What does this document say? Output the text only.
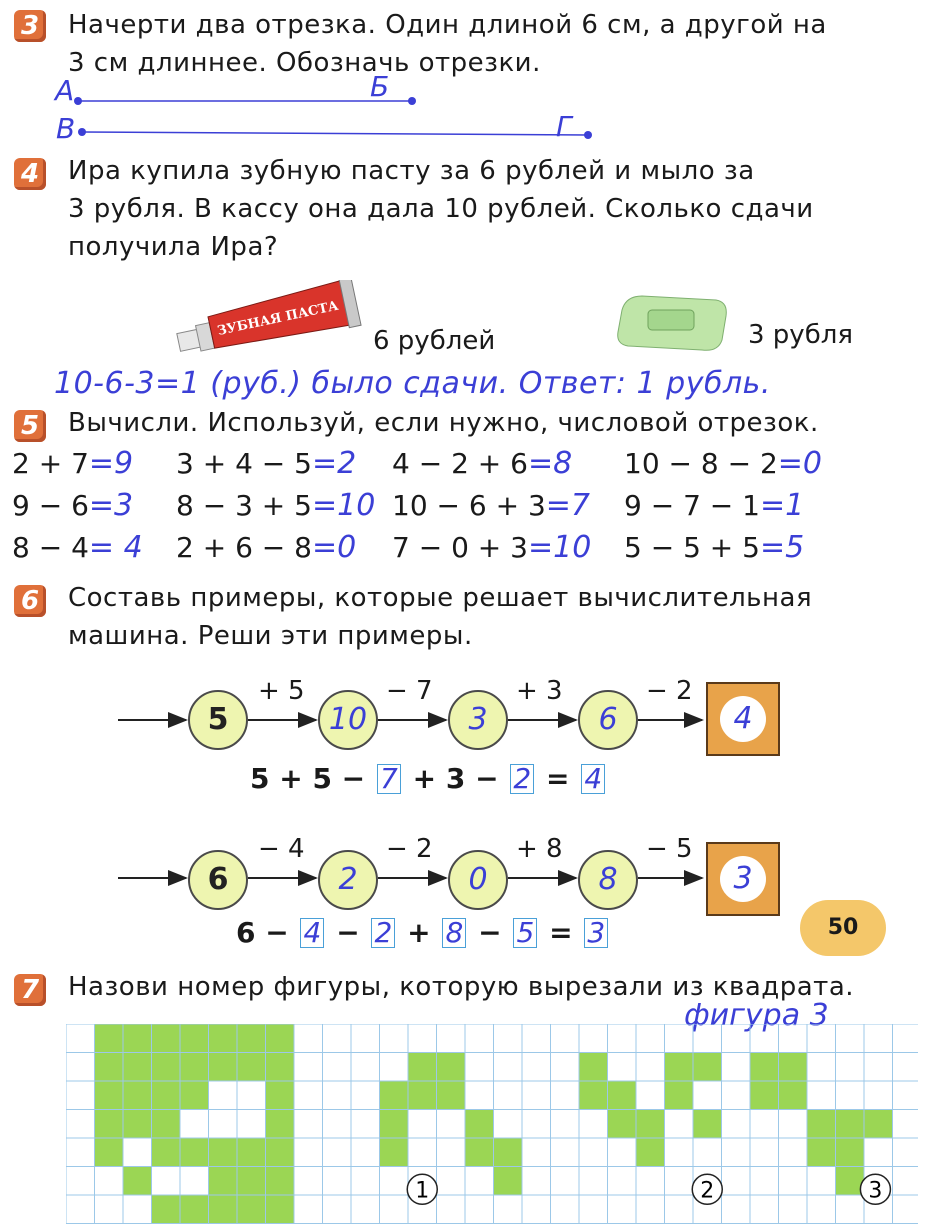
3 Начерти два отрезка. Один длиной 6 см, а другой на
3 см длиннее. Обозначь отрезки.
А	Б
В	Г
4 Ира купила зубную пасту за 6 рублей и мыло за
3 рубля. В кассу она дала 10 рублей. Сколько сдачи
получила Ира?
ЗУБНАЯ ПАСТА
6 рублей	3 рубля
10-6-3=1 (руб.) было сдачи. Ответ: 1 рубль.
5 Вычисли. Используй, если нужно, числовой отрезок.
2 + 7=9 3 + 4 − 5=2 4 − 2 + 6=8 10 − 8 − 2=0
9 − 6=3 8 − 3 + 5=10 10 − 6 + 3=7 9 − 7 − 1=1
8 − 4= 4 2 + 6 − 8=0 7 − 0 + 3=10 5 − 5 + 5=5
6 Составь примеры, которые решает вычислительная
машина. Реши эти примеры.
5	10	3	6	4
+ 5	− 7	+ 3	− 2
5 + 5 − 7 + 3 − 2 = 4
6	2	0	8	3
− 4	− 2	+ 8	− 5
6 − 4 − 2 + 8 − 5 = 3	50
7 Назови номер фигуры, которую вырезали из квадрата.
фигура 3
1	2	3
